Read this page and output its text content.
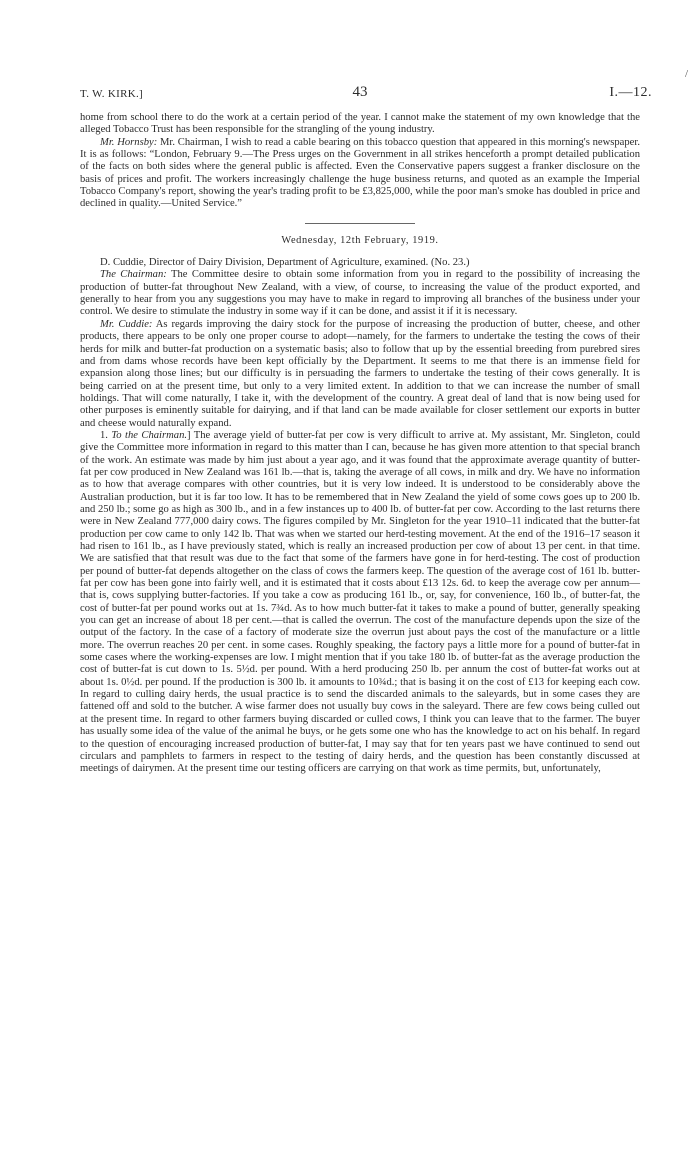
/
T. W. KIRK.]	43	I.—12.

home from school there to do the work at a certain period of the year. I cannot make the statement of my own knowledge that the alleged Tobacco Trust has been responsible for the strangling of the young industry.

Mr. Hornsby: Mr. Chairman, I wish to read a cable bearing on this tobacco question that appeared in this morning's newspaper. It is as follows: “London, February 9.—The Press urges on the Government in all strikes henceforth a prompt detailed publication of the facts on both sides where the general public is affected. Even the Conservative papers suggest a franker disclosure on the basis of prices and profit. The workers increasingly challenge the huge business returns, and quoted as an example the Imperial Tobacco Company's report, showing the year's trading profit to be £3,825,000, while the poor man's smoke has doubled in price and declined in quality.—United Service.”

Wednesday, 12th February, 1919.

D. Cuddie, Director of Dairy Division, Department of Agriculture, examined. (No. 23.)

The Chairman: The Committee desire to obtain some information from you in regard to the possibility of increasing the production of butter-fat throughout New Zealand, with a view, of course, to increasing the value of the product exported, and generally to hear from you any suggestions you may have to make in regard to improving all branches of the business under your control. We desire to stimulate the industry in some way if it can be done, and assist it if it is necessary.

Mr. Cuddie: As regards improving the dairy stock for the purpose of increasing the production of butter, cheese, and other products, there appears to be only one proper course to adopt—namely, for the farmers to undertake the testing the cows of their herds for milk and butter-fat production on a systematic basis; also to follow that up by the essential breeding from purebred sires and from dams whose records have been kept officially by the Department. It seems to me that there is an immense field for expansion along those lines; but our difficulty is in persuading the farmers to undertake the testing of their cows generally. It is being carried on at the present time, but only to a very limited extent. In addition to that we can increase the number of small holdings. That will come naturally, I take it, with the development of the country. A great deal of land that is now being used for other purposes is eminently suitable for dairying, and if that land can be made available for closer settlement our exports in butter and cheese would naturally expand.

1. To the Chairman.] The average yield of butter-fat per cow is very difficult to arrive at. My assistant, Mr. Singleton, could give the Committee more information in regard to this matter than I can, because he has given more attention to that special branch of the work. An estimate was made by him just about a year ago, and it was found that the approximate average quantity of butter-fat per cow produced in New Zealand was 161 lb.—that is, taking the average of all cows, in milk and dry. We have no information as to how that average compares with other countries, but it is very low indeed. It is understood to be considerably above the Australian production, but it is far too low. It has to be remembered that in New Zealand the yield of some cows goes up to 200 lb. and 250 lb.; some go as high as 300 lb., and in a few instances up to 400 lb. of butter-fat per cow. According to the last returns there were in New Zealand 777,000 dairy cows. The figures compiled by Mr. Singleton for the year 1910–11 indicated that the butter-fat production per cow came to only 142 lb. That was when we started our herd-testing movement. At the end of the 1916–17 season it had risen to 161 lb., as I have previously stated, which is really an increased production per cow of about 13 per cent. in that time. We are satisfied that that result was due to the fact that some of the farmers have gone in for herd-testing. The cost of production per pound of butter-fat depends altogether on the class of cows the farmers keep. The question of the average cost of 161 lb. butter-fat per cow has been gone into fairly well, and it is estimated that it costs about £13 12s. 6d. to keep the average cow per annum—that is, cows supplying butter-factories. If you take a cow as producing 161 lb., or, say, for convenience, 160 lb., of butter-fat, the cost of butter-fat per pound works out at 1s. 7¾d. As to how much butter-fat it takes to make a pound of butter, generally speaking you can get an increase of about 18 per cent.—that is called the overrun. The cost of the manufacture depends upon the size of the output of the factory. In the case of a factory of moderate size the overrun just about pays the cost of the manufacture or a little more. The overrun reaches 20 per cent. in some cases. Roughly speaking, the factory pays a little more for a pound of butter-fat in some cases where the working-expenses are low. I might mention that if you take 180 lb. of butter-fat as the average production the cost of butter-fat is cut down to 1s. 5½d. per pound. With a herd producing 250 lb. per annum the cost of butter-fat works out at about 1s. 0½d. per pound. If the production is 300 lb. it amounts to 10¾d.; that is basing it on the cost of £13 for keeping each cow. In regard to culling dairy herds, the usual practice is to send the discarded animals to the saleyards, but in some cases they are fattened off and sold to the butcher. A wise farmer does not usually buy cows in the saleyard. There are few cows being culled out at the present time. In regard to other farmers buying discarded or culled cows, I think you can leave that to the farmer. The buyer has usually some idea of the value of the animal he buys, or he gets some one who has the knowledge to act on his behalf. In regard to the question of encouraging increased production of butter-fat, I may say that for ten years past we have continued to send out circulars and pamphlets to farmers in respect to the testing of dairy herds, and the question has been constantly discussed at meetings of dairymen. At the present time our testing officers are carrying on that work as time permits, but, unfortunately,
